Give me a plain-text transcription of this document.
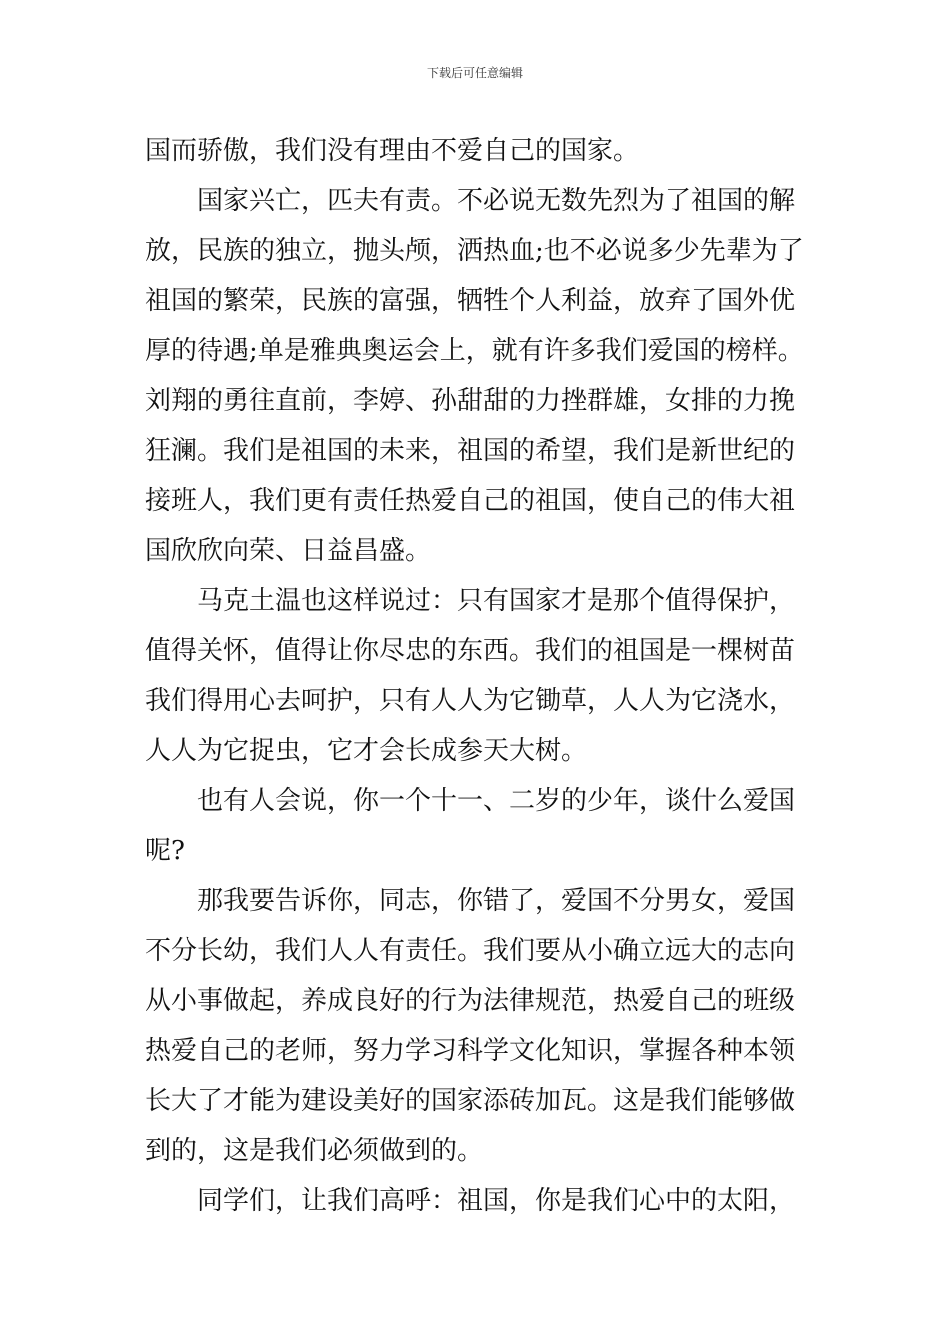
下载后可任意编辑
国而骄傲，我们没有理由不爱自己的国家。
国家兴亡，匹夫有责。不必说无数先烈为了祖国的解
放，民族的独立，抛头颅，洒热血;也不必说多少先辈为了
祖国的繁荣，民族的富强，牺牲个人利益，放弃了国外优
厚的待遇;单是雅典奥运会上，就有许多我们爱国的榜样。
刘翔的勇往直前，李婷、孙甜甜的力挫群雄，女排的力挽
狂澜。我们是祖国的未来，祖国的希望，我们是新世纪的
接班人，我们更有责任热爱自己的祖国，使自己的伟大祖
国欣欣向荣、日益昌盛。
马克土温也这样说过：只有国家才是那个值得保护，
值得关怀，值得让你尽忠的东西。我们的祖国是一棵树苗
我们得用心去呵护，只有人人为它锄草，人人为它浇水，
人人为它捉虫，它才会长成参天大树。
也有人会说，你一个十一、二岁的少年，谈什么爱国
呢?
那我要告诉你，同志，你错了，爱国不分男女，爱国
不分长幼，我们人人有责任。我们要从小确立远大的志向
从小事做起，养成良好的行为法律规范，热爱自己的班级
热爱自己的老师，努力学习科学文化知识，掌握各种本领
长大了才能为建设美好的国家添砖加瓦。这是我们能够做
到的，这是我们必须做到的。
同学们，让我们高呼：祖国，你是我们心中的太阳，
